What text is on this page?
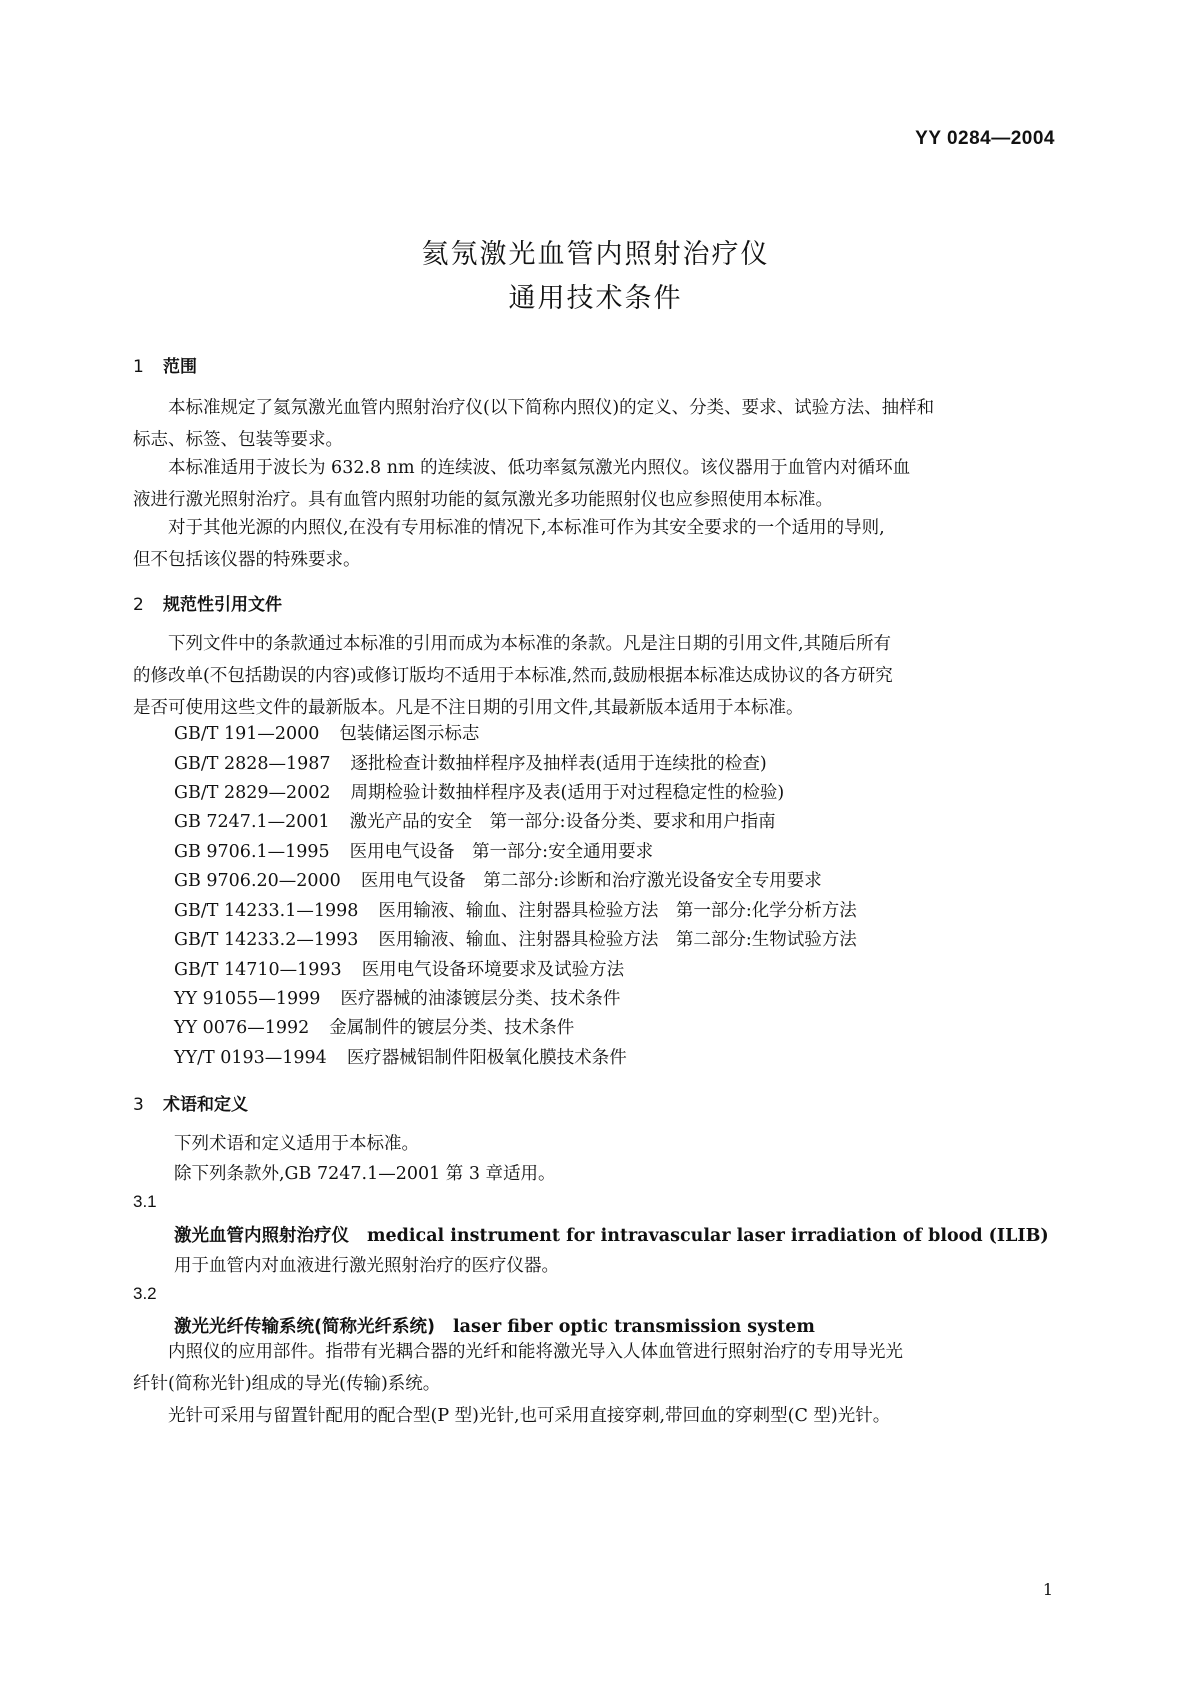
YY 0284—2004
氦氖激光血管内照射治疗仪
通用技术条件
1 范围
本标准规定了氦氖激光血管内照射治疗仪(以下简称内照仪)的定义、分类、要求、试验方法、抽样和
标志、标签、包装等要求。
本标准适用于波长为 632.8 nm 的连续波、低功率氦氖激光内照仪。该仪器用于血管内对循环血
液进行激光照射治疗。具有血管内照射功能的氦氖激光多功能照射仪也应参照使用本标准。
对于其他光源的内照仪,在没有专用标准的情况下,本标准可作为其安全要求的一个适用的导则,
但不包括该仪器的特殊要求。
2 规范性引用文件
下列文件中的条款通过本标准的引用而成为本标准的条款。凡是注日期的引用文件,其随后所有
的修改单(不包括勘误的内容)或修订版均不适用于本标准,然而,鼓励根据本标准达成协议的各方研究
是否可使用这些文件的最新版本。凡是不注日期的引用文件,其最新版本适用于本标准。
GB/T 191—2000 包装储运图示标志
GB/T 2828—1987 逐批检查计数抽样程序及抽样表(适用于连续批的检查)
GB/T 2829—2002 周期检验计数抽样程序及表(适用于对过程稳定性的检验)
GB 7247.1—2001 激光产品的安全　第一部分:设备分类、要求和用户指南
GB 9706.1—1995 医用电气设备　第一部分:安全通用要求
GB 9706.20—2000 医用电气设备　第二部分:诊断和治疗激光设备安全专用要求
GB/T 14233.1—1998 医用输液、输血、注射器具检验方法　第一部分:化学分析方法
GB/T 14233.2—1993 医用输液、输血、注射器具检验方法　第二部分:生物试验方法
GB/T 14710—1993 医用电气设备环境要求及试验方法
YY 91055—1999 医疗器械的油漆镀层分类、技术条件
YY 0076—1992 金属制件的镀层分类、技术条件
YY/T 0193—1994 医疗器械铝制件阳极氧化膜技术条件
3 术语和定义
下列术语和定义适用于本标准。
除下列条款外,GB 7247.1—2001 第 3 章适用。
3.1
激光血管内照射治疗仪 medical instrument for intravascular laser irradiation of blood (ILIB)
用于血管内对血液进行激光照射治疗的医疗仪器。
3.2
激光光纤传输系统(简称光纤系统) laser fiber optic transmission system
内照仪的应用部件。指带有光耦合器的光纤和能将激光导入人体血管进行照射治疗的专用导光光
纤针(简称光针)组成的导光(传输)系统。
光针可采用与留置针配用的配合型(P 型)光针,也可采用直接穿刺,带回血的穿刺型(C 型)光针。
1
